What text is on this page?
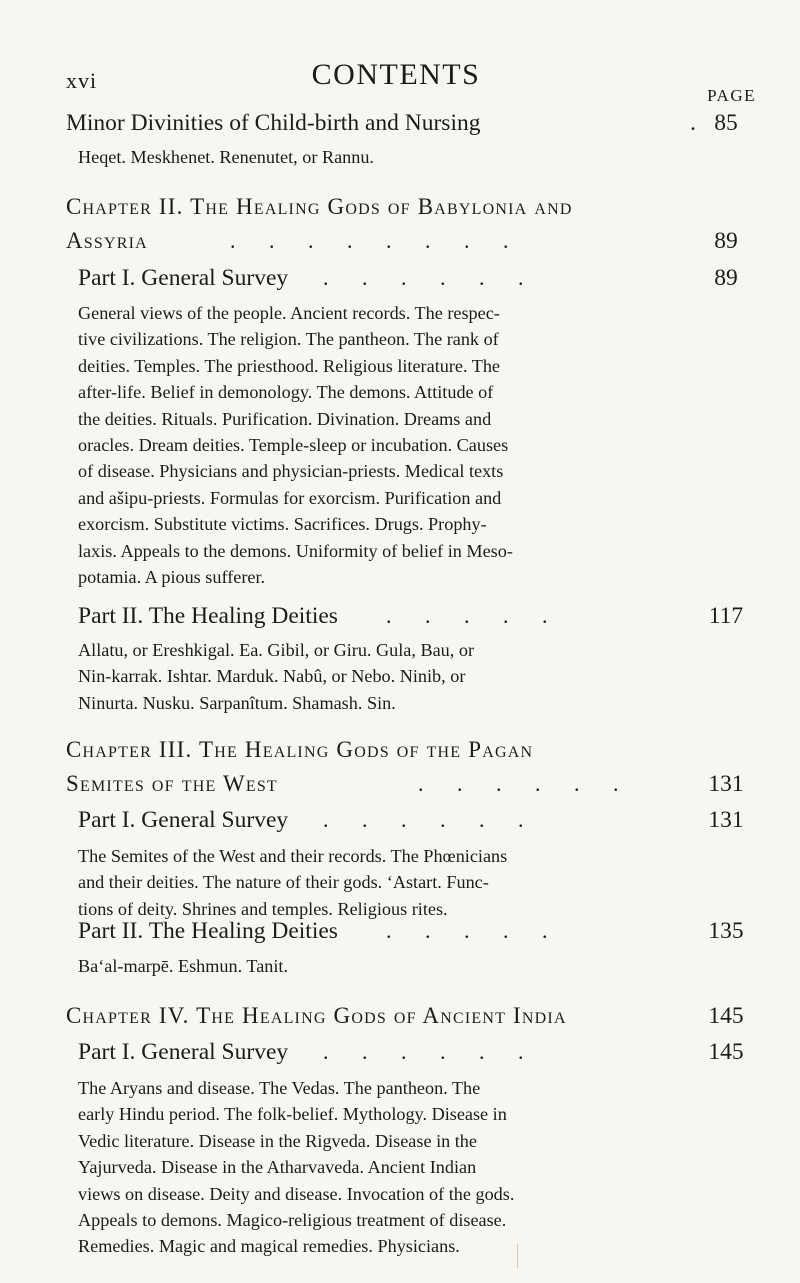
xvi	CONTENTS
PAGE
Minor Divinities of Child-birth and Nursing	. 85
Heqet. Meskhenet. Renenutet, or Rannu.
Chapter II. The Healing Gods of Babylonia and
Assyria	. . . . . . . .	89
Part I. General Survey . . . . . .	89

General views of the people. Ancient records. The respec-

tive civilizations. The religion. The pantheon. The rank of

deities. Temples. The priesthood. Religious literature. The

after-life. Belief in demonology. The demons. Attitude of

the deities. Rituals. Purification. Divination. Dreams and

oracles. Dream deities. Temple-sleep or incubation. Causes

of disease. Physicians and physician-priests. Medical texts

and ašipu-priests. Formulas for exorcism. Purification and

exorcism. Substitute victims. Sacrifices. Drugs. Prophy-

laxis. Appeals to the demons. Uniformity of belief in Meso-

potamia. A pious sufferer.

Part II. The Healing Deities . . . . .	117

Allatu, or Ereshkigal. Ea. Gibil, or Giru. Gula, Bau, or

Nin-karrak. Ishtar. Marduk. Nabû, or Nebo. Ninib, or

Ninurta. Nusku. Sarpanîtum. Shamash. Sin.

Chapter III. The Healing Gods of the Pagan
Semites of the West	. . . . . .	131
Part I. General Survey . . . . . .	131

The Semites of the West and their records. The Phœnicians

and their deities. The nature of their gods. ‘Astart. Func-

tions of deity. Shrines and temples. Religious rites.

Part II. The Healing Deities . . . . .	135
Ba‘al-marpē. Eshmun. Tanit.
Chapter IV. The Healing Gods of Ancient India	145
Part I. General Survey . . . . . .	145

The Aryans and disease. The Vedas. The pantheon. The

early Hindu period. The folk-belief. Mythology. Disease in

Vedic literature. Disease in the Rigveda. Disease in the

Yajurveda. Disease in the Atharvaveda. Ancient Indian

views on disease. Deity and disease. Invocation of the gods.

Appeals to demons. Magico-religious treatment of disease.

Remedies. Magic and magical remedies. Physicians.
